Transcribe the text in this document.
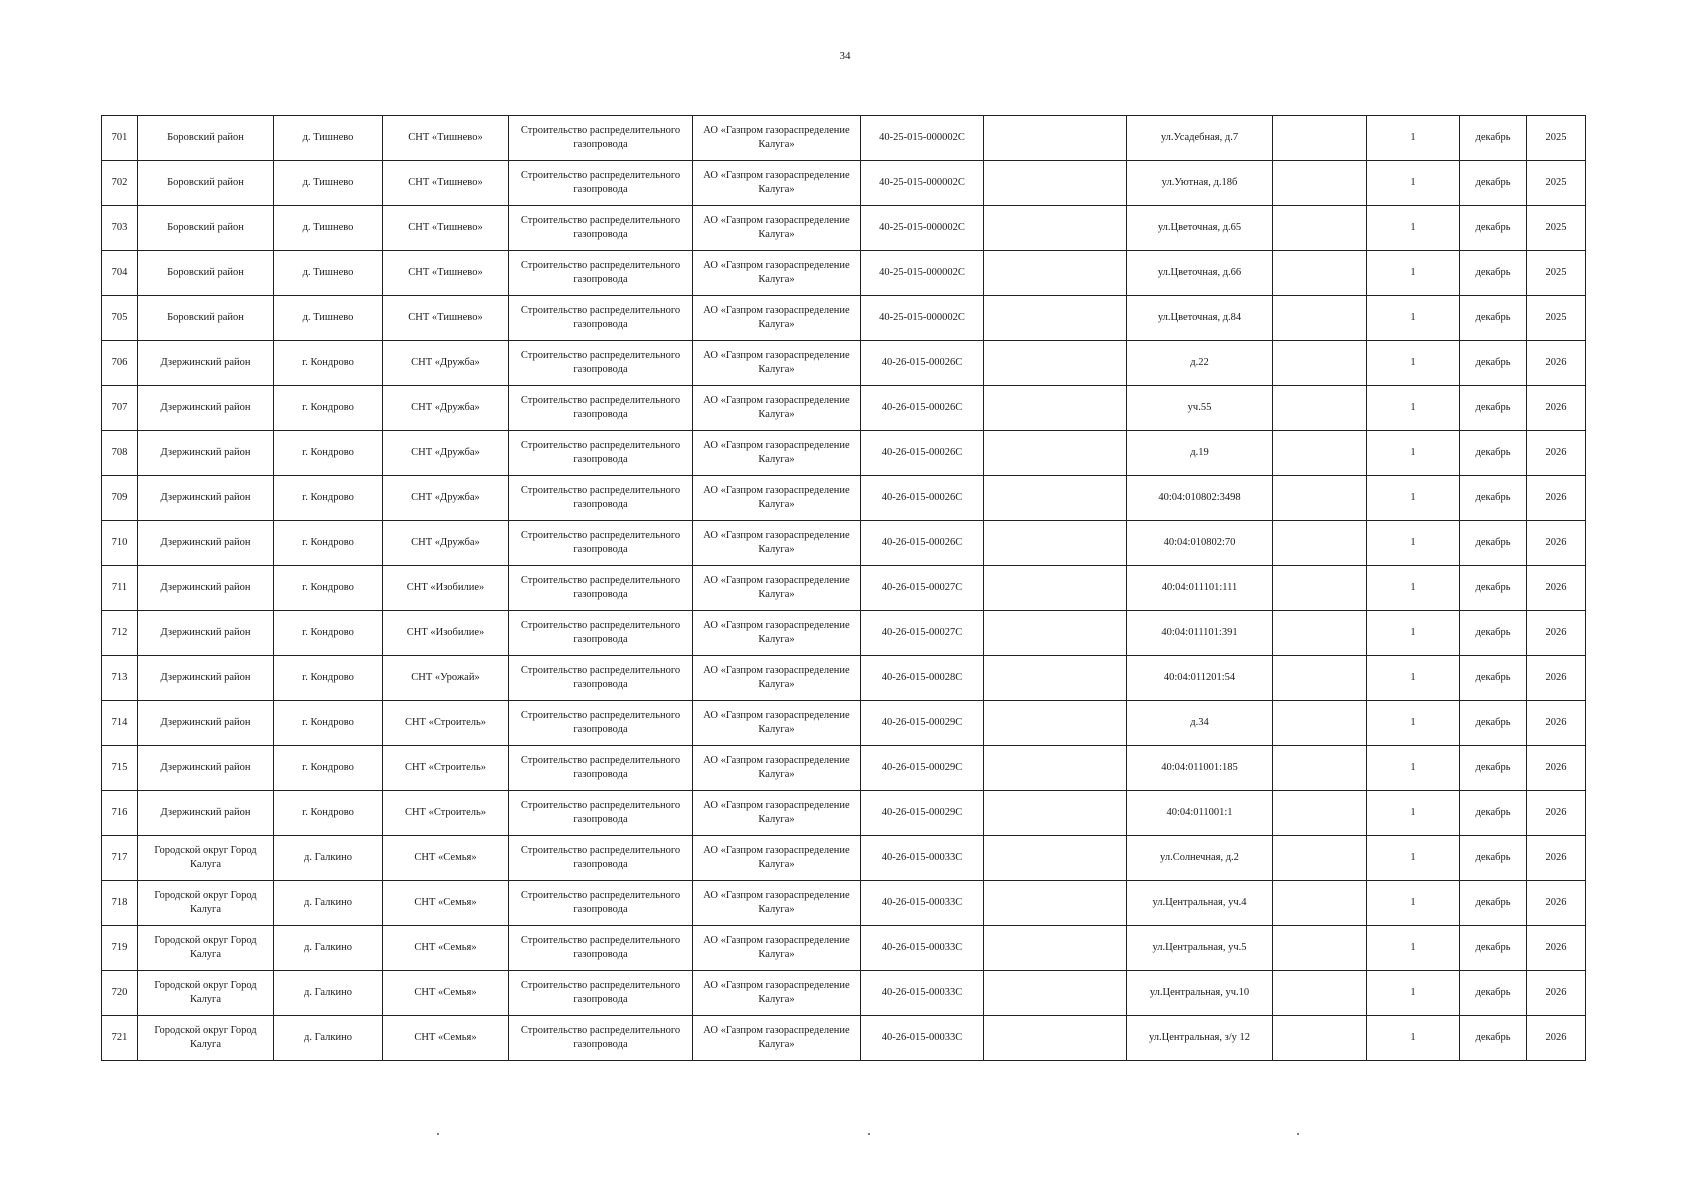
34
701	Боровский район	д. Тишнево	СНТ «Тишнево»	Строительство распределительного газопровода	АО «Газпром газораспределение Калуга»	40-25-015-000002С		ул.Усадебная, д.7		1	декабрь	2025
702	Боровский район	д. Тишнево	СНТ «Тишнево»	Строительство распределительного газопровода	АО «Газпром газораспределение Калуга»	40-25-015-000002С		ул.Уютная, д.18б		1	декабрь	2025
703	Боровский район	д. Тишнево	СНТ «Тишнево»	Строительство распределительного газопровода	АО «Газпром газораспределение Калуга»	40-25-015-000002С		ул.Цветочная, д.65		1	декабрь	2025
704	Боровский район	д. Тишнево	СНТ «Тишнево»	Строительство распределительного газопровода	АО «Газпром газораспределение Калуга»	40-25-015-000002С		ул.Цветочная, д.66		1	декабрь	2025
705	Боровский район	д. Тишнево	СНТ «Тишнево»	Строительство распределительного газопровода	АО «Газпром газораспределение Калуга»	40-25-015-000002С		ул.Цветочная, д.84		1	декабрь	2025
706	Дзержинский район	г. Кондрово	СНТ «Дружба»	Строительство распределительного газопровода	АО «Газпром газораспределение Калуга»	40-26-015-00026С		д.22		1	декабрь	2026
707	Дзержинский район	г. Кондрово	СНТ «Дружба»	Строительство распределительного газопровода	АО «Газпром газораспределение Калуга»	40-26-015-00026С		уч.55		1	декабрь	2026
708	Дзержинский район	г. Кондрово	СНТ «Дружба»	Строительство распределительного газопровода	АО «Газпром газораспределение Калуга»	40-26-015-00026С		д.19		1	декабрь	2026
709	Дзержинский район	г. Кондрово	СНТ «Дружба»	Строительство распределительного газопровода	АО «Газпром газораспределение Калуга»	40-26-015-00026С		40:04:010802:3498		1	декабрь	2026
710	Дзержинский район	г. Кондрово	СНТ «Дружба»	Строительство распределительного газопровода	АО «Газпром газораспределение Калуга»	40-26-015-00026С		40:04:010802:70		1	декабрь	2026
711	Дзержинский район	г. Кондрово	СНТ «Изобилие»	Строительство распределительного газопровода	АО «Газпром газораспределение Калуга»	40-26-015-00027С		40:04:011101:111		1	декабрь	2026
712	Дзержинский район	г. Кондрово	СНТ «Изобилие»	Строительство распределительного газопровода	АО «Газпром газораспределение Калуга»	40-26-015-00027С		40:04:011101:391		1	декабрь	2026
713	Дзержинский район	г. Кондрово	СНТ «Урожай»	Строительство распределительного газопровода	АО «Газпром газораспределение Калуга»	40-26-015-00028С		40:04:011201:54		1	декабрь	2026
714	Дзержинский район	г. Кондрово	СНТ «Строитель»	Строительство распределительного газопровода	АО «Газпром газораспределение Калуга»	40-26-015-00029С		д.34		1	декабрь	2026
715	Дзержинский район	г. Кондрово	СНТ «Строитель»	Строительство распределительного газопровода	АО «Газпром газораспределение Калуга»	40-26-015-00029С		40:04:011001:185		1	декабрь	2026
716	Дзержинский район	г. Кондрово	СНТ «Строитель»	Строительство распределительного газопровода	АО «Газпром газораспределение Калуга»	40-26-015-00029С		40:04:011001:1		1	декабрь	2026
717	Городской округ Город Калуга	д. Галкино	СНТ «Семья»	Строительство распределительного газопровода	АО «Газпром газораспределение Калуга»	40-26-015-00033С		ул.Солнечная, д.2		1	декабрь	2026
718	Городской округ Город Калуга	д. Галкино	СНТ «Семья»	Строительство распределительного газопровода	АО «Газпром газораспределение Калуга»	40-26-015-00033С		ул.Центральная, уч.4		1	декабрь	2026
719	Городской округ Город Калуга	д. Галкино	СНТ «Семья»	Строительство распределительного газопровода	АО «Газпром газораспределение Калуга»	40-26-015-00033С		ул.Центральная, уч.5		1	декабрь	2026
720	Городской округ Город Калуга	д. Галкино	СНТ «Семья»	Строительство распределительного газопровода	АО «Газпром газораспределение Калуга»	40-26-015-00033С		ул.Центральная, уч.10		1	декабрь	2026
721	Городской округ Город Калуга	д. Галкино	СНТ «Семья»	Строительство распределительного газопровода	АО «Газпром газораспределение Калуга»	40-26-015-00033С		ул.Центральная, з/у 12		1	декабрь	2026
